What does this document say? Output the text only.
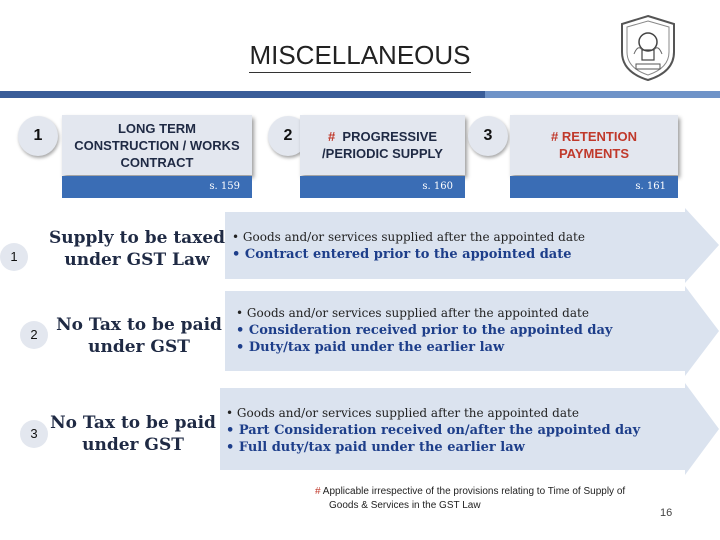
MISCELLANEOUS
1	LONG TERM
CONSTRUCTION / WORKS
CONTRACT
s. 159
2	# PROGRESSIVE
/PERIODIC SUPPLY
s. 160
3	# RETENTION
PAYMENTS
s. 161
1
Supply to be taxed
under GST Law
• Goods and/or services supplied after the appointed date
• Contract entered prior to the appointed date
2	No Tax to be paid
under GST
• Goods and/or services supplied after the appointed date
• Consideration received prior to the appointed day
• Duty/tax paid under the earlier law
3
No Tax to be paid
under GST
• Goods and/or services supplied after the appointed date
• Part Consideration received on/after the appointed day
• Full duty/tax paid under the earlier law
# Applicable irrespective of the provisions relating to Time of Supply of
Goods & Services in the GST Law
16
